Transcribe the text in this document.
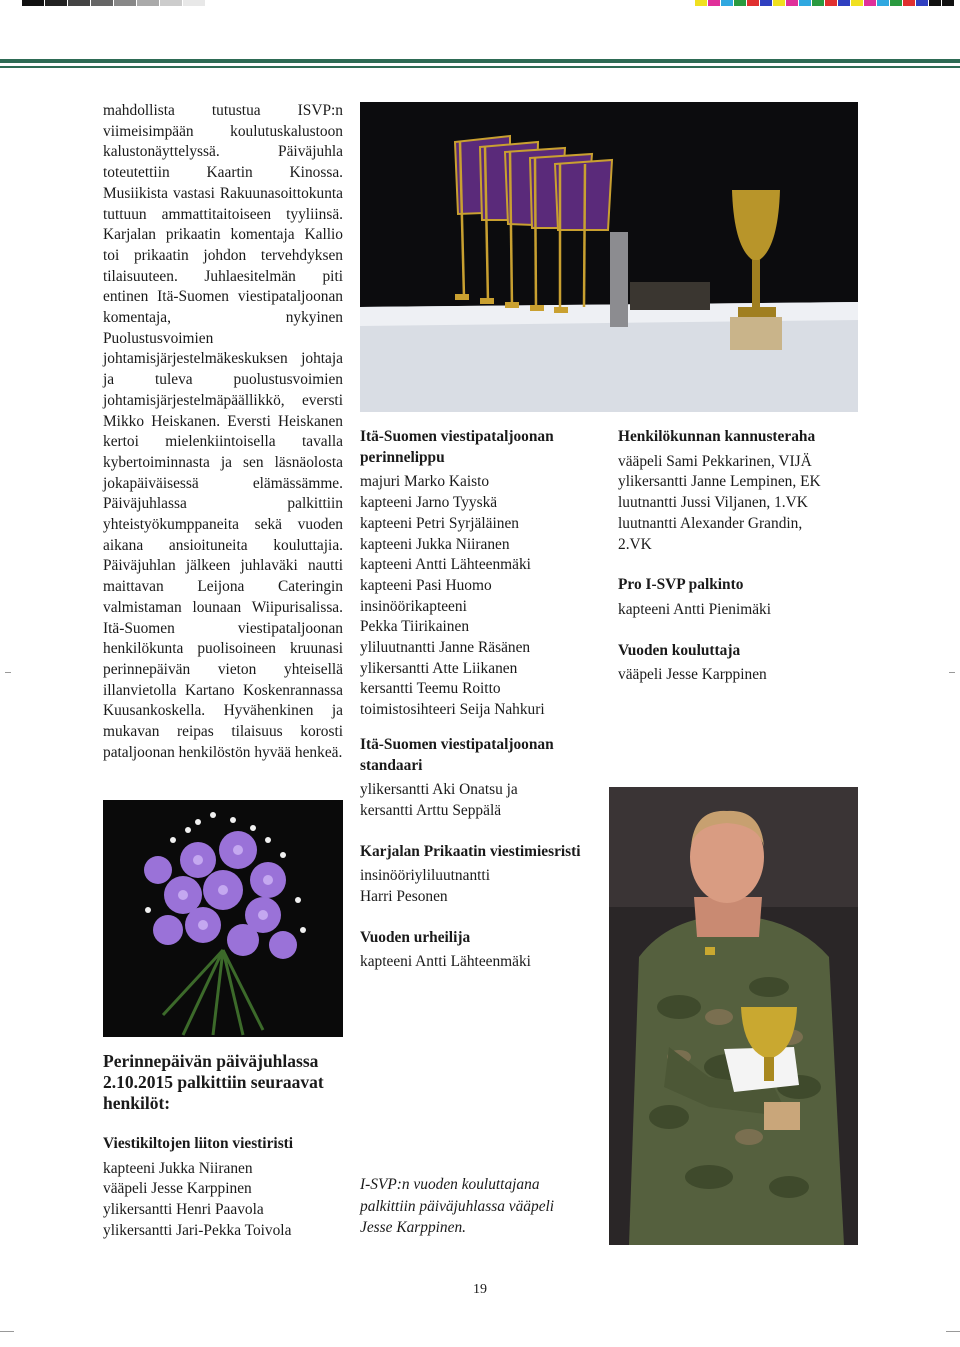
mahdollista tutustua ISVP:n viimeisimpään koulutuskalustoon kalustonäyttelyssä. Päiväjuhla toteutettiin Kaartin Kinossa. Musiikista vastasi Rakuunasoittokunta tuttuun ammattitaitoiseen tyyliinsä. Karjalan prikaatin komentaja Kallio toi prikaatin johdon tervehdyksen tilaisuuteen. Juhlaesitelmän piti entinen Itä-Suomen viestipataljoonan komentaja, nykyinen Puolustusvoimien johtamisjärjestelmäkeskuksen johtaja ja tuleva puolustusvoimien johtamisjärjestelmäpäällikkö, eversti Mikko Heiskanen. Eversti Heiskanen kertoi mielenkiintoisella tavalla kybertoiminnasta ja sen läsnäolosta jokapäiväisessä elämässämme. Päiväjuhlassa palkittiin yhteistyökumppaneita sekä vuoden aikana ansioituneita kouluttajia. Päiväjuhlan jälkeen juhlaväki nautti maittavan Leijona Cateringin valmistaman lounaan Wiipurisalissa. Itä-Suomen viestipataljoonan henkilökunta puolisoineen kruunasi perinnepäivän vieton yhteisellä illanvietolla Kartano Koskenrannassa Kuusankoskella. Hyvähenkinen ja mukavan reipas tilaisuus korosti pataljoonan henkilöstön hyvää henkeä.

Itä-Suomen viestipataljoonan perinnelippu

majuri Marko Kaisto
kapteeni Jarno Tyyskä
kapteeni Petri Syrjäläinen
kapteeni Jukka Niiranen
kapteeni Antti Lähteenmäki
kapteeni Pasi Huomo
insinöörikapteeni
Pekka Tiirikainen
yliluutnantti Janne Räsänen
ylikersantti Atte Liikanen
kersantti Teemu Roitto
toimistosihteeri Seija Nahkuri

Itä-Suomen viestipataljoonan standaari

ylikersantti Aki Onatsu ja
kersantti Arttu Seppälä

Karjalan Prikaatin viestimiesristi

insinööriyliluutnantti
Harri Pesonen

Vuoden urheilija

kapteeni Antti Lähteenmäki

Henkilökunnan kannusteraha

vääpeli Sami Pekkarinen, VIJÄ
ylikersantti Janne Lempinen, EK
luutnantti Jussi Viljanen, 1.VK
luutnantti Alexander Grandin,
2.VK

Pro I-SVP palkinto

kapteeni Antti Pienimäki

Vuoden kouluttaja

vääpeli Jesse Karppinen

Perinnepäivän päiväjuhlassa 2.10.2015 palkittiin seuraavat henkilöt:

Viestikiltojen liiton viestiristi

kapteeni Jukka Niiranen
vääpeli Jesse Karppinen
ylikersantti Henri Paavola
ylikersantti Jari-Pekka Toivola
I-SVP:n vuoden kouluttajana palkittiin päiväjuhlassa vääpeli Jesse Karppinen.
19
